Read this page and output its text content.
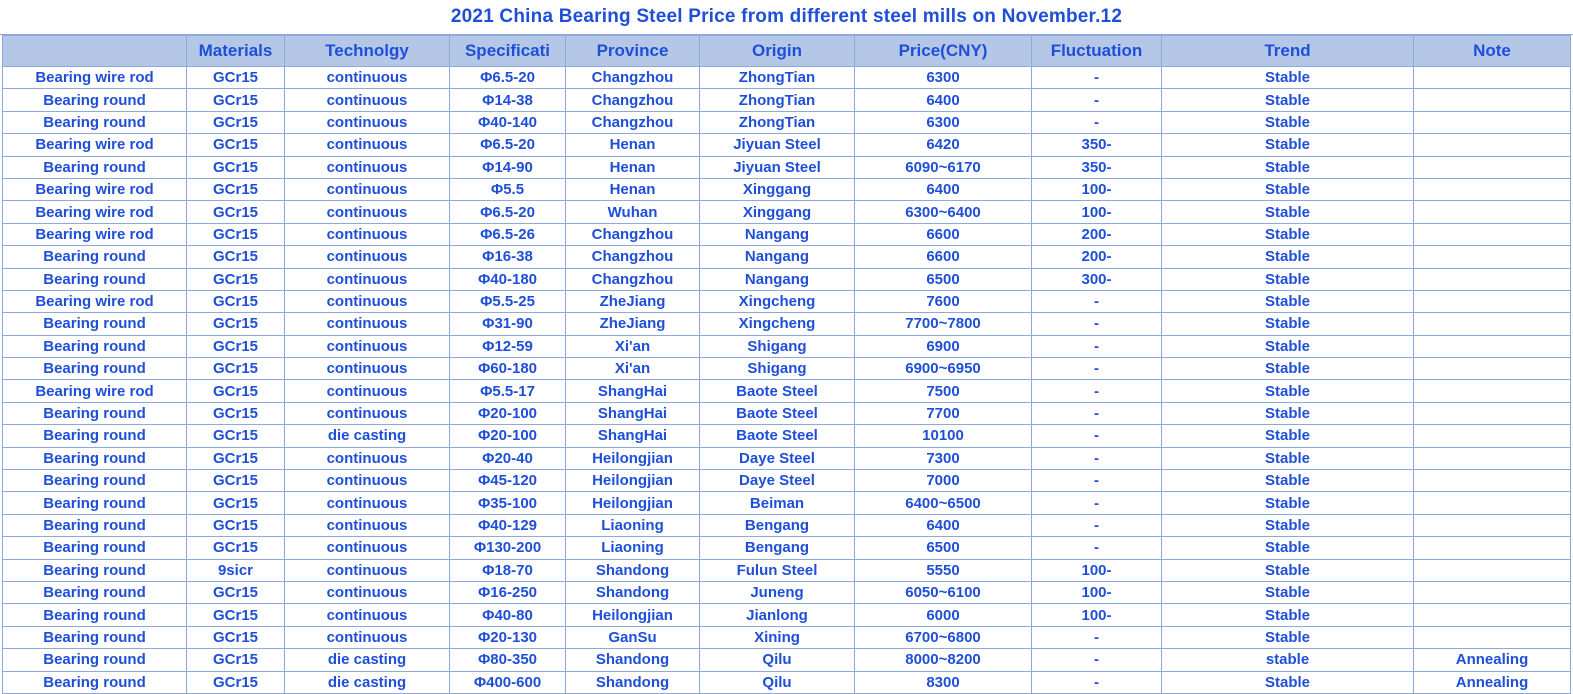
2021 China Bearing Steel Price from different steel mills on November.12
	Materials	Technolgy	Specificati	Province	Origin	Price(CNY)	Fluctuation	Trend	Note
Bearing wire rod	GCr15	continuous	Φ6.5-20	Changzhou	ZhongTian	6300	-	Stable	
Bearing round	GCr15	continuous	Φ14-38	Changzhou	ZhongTian	6400	-	Stable	
Bearing round	GCr15	continuous	Φ40-140	Changzhou	ZhongTian	6300	-	Stable	
Bearing wire rod	GCr15	continuous	Φ6.5-20	Henan	Jiyuan Steel	6420	350-	Stable	
Bearing round	GCr15	continuous	Φ14-90	Henan	Jiyuan Steel	6090~6170	350-	Stable	
Bearing wire rod	GCr15	continuous	Φ5.5	Henan	Xinggang	6400	100-	Stable	
Bearing wire rod	GCr15	continuous	Φ6.5-20	Wuhan	Xinggang	6300~6400	100-	Stable	
Bearing wire rod	GCr15	continuous	Φ6.5-26	Changzhou	Nangang	6600	200-	Stable	
Bearing round	GCr15	continuous	Φ16-38	Changzhou	Nangang	6600	200-	Stable	
Bearing round	GCr15	continuous	Φ40-180	Changzhou	Nangang	6500	300-	Stable	
Bearing wire rod	GCr15	continuous	Φ5.5-25	ZheJiang	Xingcheng	7600	-	Stable	
Bearing round	GCr15	continuous	Φ31-90	ZheJiang	Xingcheng	7700~7800	-	Stable	
Bearing round	GCr15	continuous	Φ12-59	Xi'an	Shigang	6900	-	Stable	
Bearing round	GCr15	continuous	Φ60-180	Xi'an	Shigang	6900~6950	-	Stable	
Bearing wire rod	GCr15	continuous	Φ5.5-17	ShangHai	Baote Steel	7500	-	Stable	
Bearing round	GCr15	continuous	Φ20-100	ShangHai	Baote Steel	7700	-	Stable	
Bearing round	GCr15	die casting	Φ20-100	ShangHai	Baote Steel	10100	-	Stable	
Bearing round	GCr15	continuous	Φ20-40	Heilongjian	Daye Steel	7300	-	Stable	
Bearing round	GCr15	continuous	Φ45-120	Heilongjian	Daye Steel	7000	-	Stable	
Bearing round	GCr15	continuous	Φ35-100	Heilongjian	Beiman	6400~6500	-	Stable	
Bearing round	GCr15	continuous	Φ40-129	Liaoning	Bengang	6400	-	Stable	
Bearing round	GCr15	continuous	Φ130-200	Liaoning	Bengang	6500	-	Stable	
Bearing round	9sicr	continuous	Φ18-70	Shandong	Fulun Steel	5550	100-	Stable	
Bearing round	GCr15	continuous	Φ16-250	Shandong	Juneng	6050~6100	100-	Stable	
Bearing round	GCr15	continuous	Φ40-80	Heilongjian	Jianlong	6000	100-	Stable	
Bearing round	GCr15	continuous	Φ20-130	GanSu	Xining	6700~6800	-	Stable	
Bearing round	GCr15	die casting	Φ80-350	Shandong	Qilu	8000~8200	-	stable	Annealing
Bearing round	GCr15	die casting	Φ400-600	Shandong	Qilu	8300	-	Stable	Annealing
